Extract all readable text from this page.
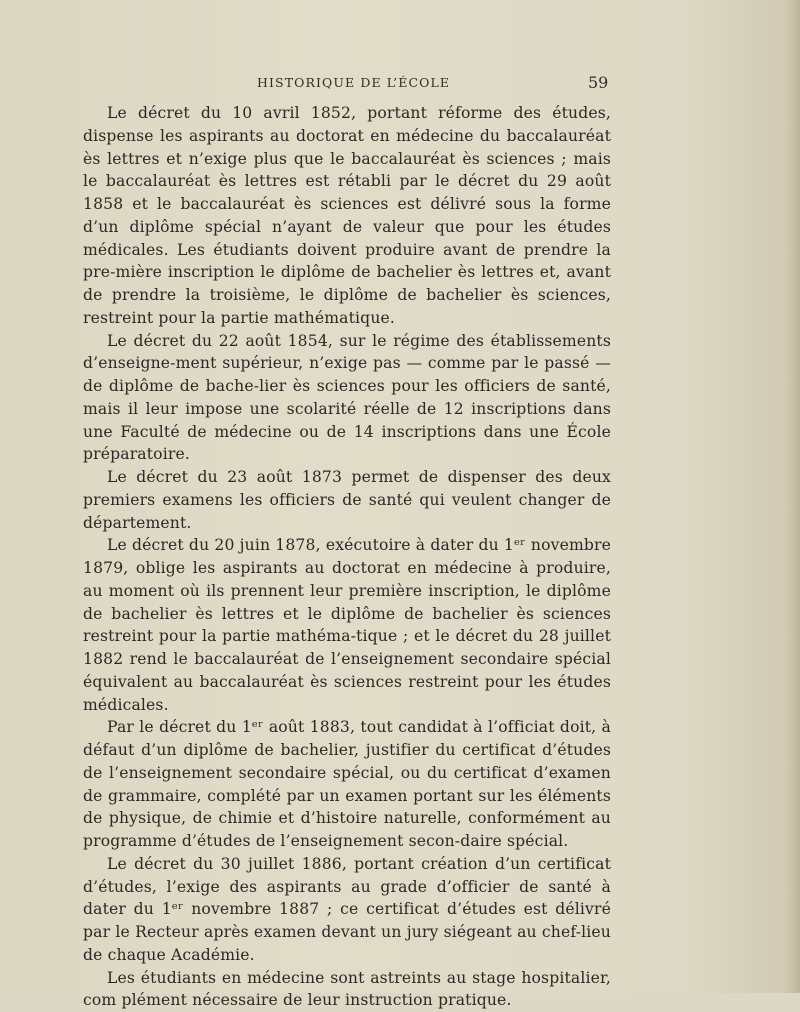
HISTORIQUE DE L’ÉCOLE	59

Le décret du 10 avril 1852, portant réforme des études, dispense les aspirants au doctorat en médecine du baccalauréat ès lettres et n’exige plus que le baccalauréat ès sciences ; mais le baccalauréat ès lettres est rétabli par le décret du 29 août 1858 et le baccalauréat ès sciences est délivré sous la forme d’un diplôme spécial n’ayant de valeur que pour les études médicales. Les étudiants doivent produire avant de prendre la pre-mière inscription le diplôme de bachelier ès lettres et, avant de prendre la troisième, le diplôme de bachelier ès sciences, restreint pour la partie mathématique.

Le décret du 22 août 1854, sur le régime des établissements d’enseigne-ment supérieur, n’exige pas — comme par le passé — de diplôme de bache-lier ès sciences pour les officiers de santé, mais il leur impose une scolarité réelle de 12 inscriptions dans une Faculté de médecine ou de 14 inscriptions dans une École préparatoire.

Le décret du 23 août 1873 permet de dispenser des deux premiers examens les officiers de santé qui veulent changer de département.

Le décret du 20 juin 1878, exécutoire à dater du 1ᵉʳ novembre 1879, oblige les aspirants au doctorat en médecine à produire, au moment où ils prennent leur première inscription, le diplôme de bachelier ès lettres et le diplôme de bachelier ès sciences restreint pour la partie mathéma-tique ; et le décret du 28 juillet 1882 rend le baccalauréat de l’enseignement secondaire spécial équivalent au baccalauréat ès sciences restreint pour les études médicales.

Par le décret du 1ᵉʳ août 1883, tout candidat à l’officiat doit, à défaut d’un diplôme de bachelier, justifier du certificat d’études de l’enseignement secondaire spécial, ou du certificat d’examen de grammaire, complété par un examen portant sur les éléments de physique, de chimie et d’histoire naturelle, conformément au programme d’études de l’enseignement secon-daire spécial.

Le décret du 30 juillet 1886, portant création d’un certificat d’études, l’exige des aspirants au grade d’officier de santé à dater du 1ᵉʳ novembre 1887 ; ce certificat d’études est délivré par le Recteur après examen devant un jury siégeant au chef-lieu de chaque Académie.

Les étudiants en médecine sont astreints au stage hospitalier, com plément nécessaire de leur instruction pratique.
